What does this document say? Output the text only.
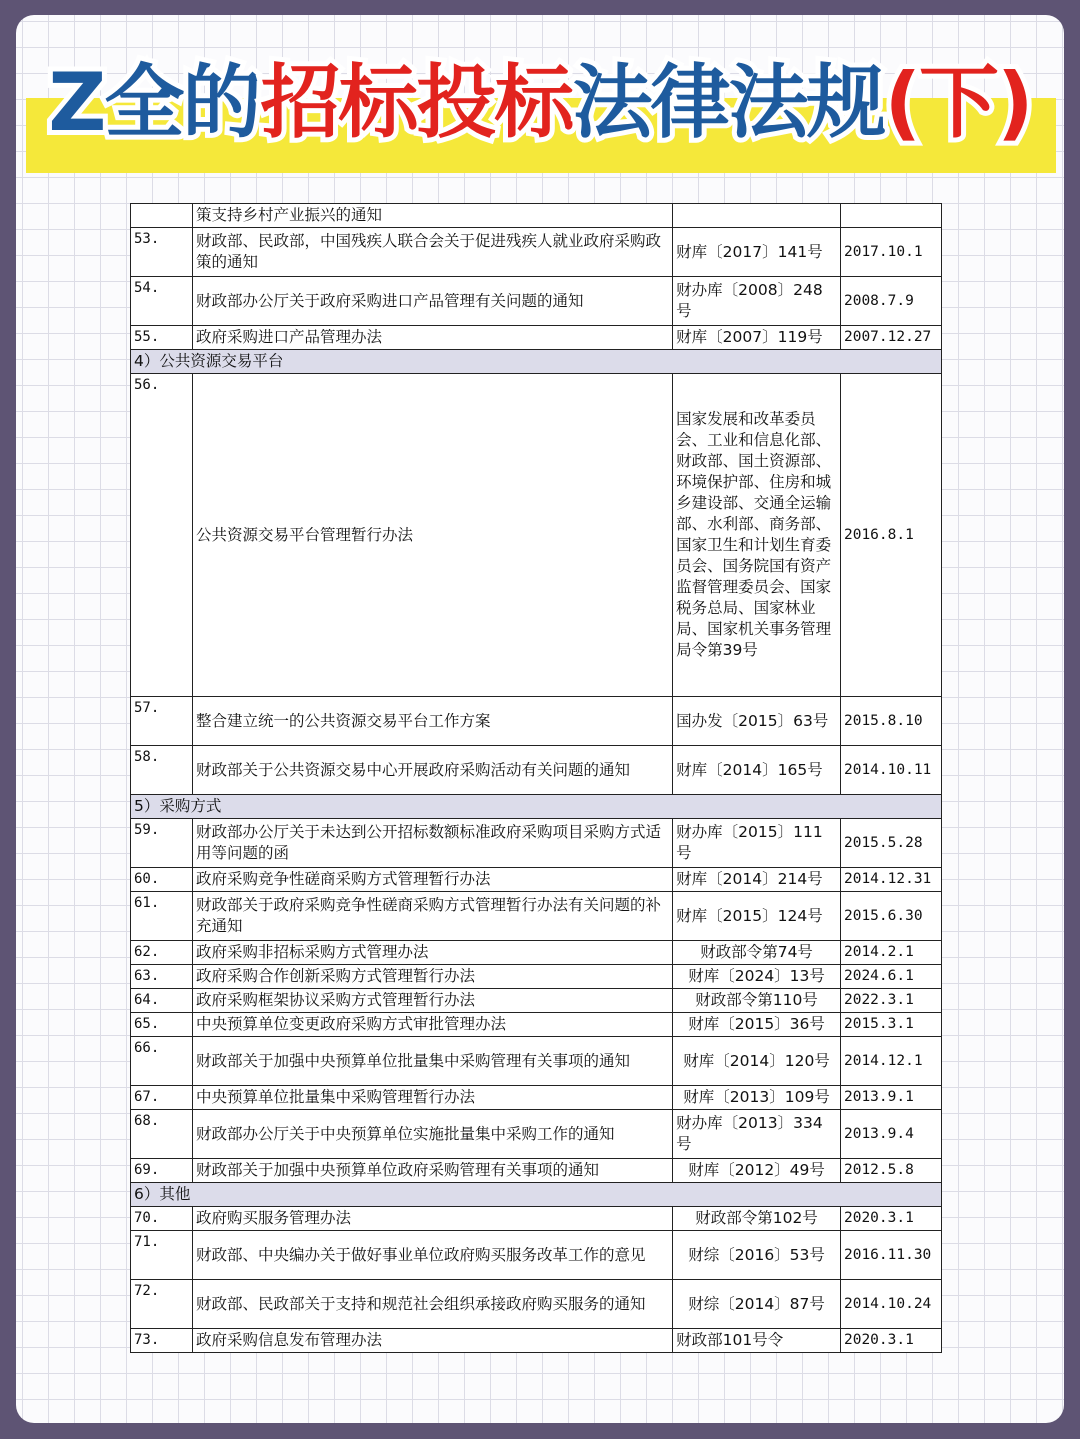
Z全的招标投标法律法规(下)
	策支持乡村产业振兴的通知		
53.	财政部、民政部，中国残疾人联合会关于促进残疾人就业政府采购政策的通知	财库〔2017〕141号	2017.10.1
54.	财政部办公厅关于政府采购进口产品管理有关问题的通知	财办库〔2008〕248号	2008.7.9
55.	政府采购进口产品管理办法	财库〔2007〕119号	2007.12.27
4）公共资源交易平台			
56.	公共资源交易平台管理暂行办法	国家发展和改革委员会、工业和信息化部、财政部、国土资源部、环境保护部、住房和城乡建设部、交通全运输部、水利部、商务部、国家卫生和计划生育委员会、国务院国有资产监督管理委员会、国家税务总局、国家林业局、国家机关事务管理局令第39号	2016.8.1
57.	整合建立统一的公共资源交易平台工作方案	国办发〔2015〕63号	2015.8.10
58.	财政部关于公共资源交易中心开展政府采购活动有关问题的通知	财库〔2014〕165号	2014.10.11
5）采购方式			
59.	财政部办公厅关于未达到公开招标数额标准政府采购项目采购方式适用等问题的函	财办库〔2015〕111号	2015.5.28
60.	政府采购竞争性磋商采购方式管理暂行办法	财库〔2014〕214号	2014.12.31
61.	财政部关于政府采购竞争性磋商采购方式管理暂行办法有关问题的补充通知	财库〔2015〕124号	2015.6.30
62.	政府采购非招标采购方式管理办法	财政部令第74号	2014.2.1
63.	政府采购合作创新采购方式管理暂行办法	财库〔2024〕13号	2024.6.1
64.	政府采购框架协议采购方式管理暂行办法	财政部令第110号	2022.3.1
65.	中央预算单位变更政府采购方式审批管理办法	财库〔2015〕36号	2015.3.1
66.	财政部关于加强中央预算单位批量集中采购管理有关事项的通知	财库〔2014〕120号	2014.12.1
67.	中央预算单位批量集中采购管理暂行办法	财库〔2013〕109号	2013.9.1
68.	财政部办公厅关于中央预算单位实施批量集中采购工作的通知	财办库〔2013〕334号	2013.9.4
69.	财政部关于加强中央预算单位政府采购管理有关事项的通知	财库〔2012〕49号	2012.5.8
6）其他			
70.	政府购买服务管理办法	财政部令第102号	2020.3.1
71.	财政部、中央编办关于做好事业单位政府购买服务改革工作的意见	财综〔2016〕53号	2016.11.30
72.	财政部、民政部关于支持和规范社会组织承接政府购买服务的通知	财综〔2014〕87号	2014.10.24
73.	政府采购信息发布管理办法	财政部101号令	2020.3.1
